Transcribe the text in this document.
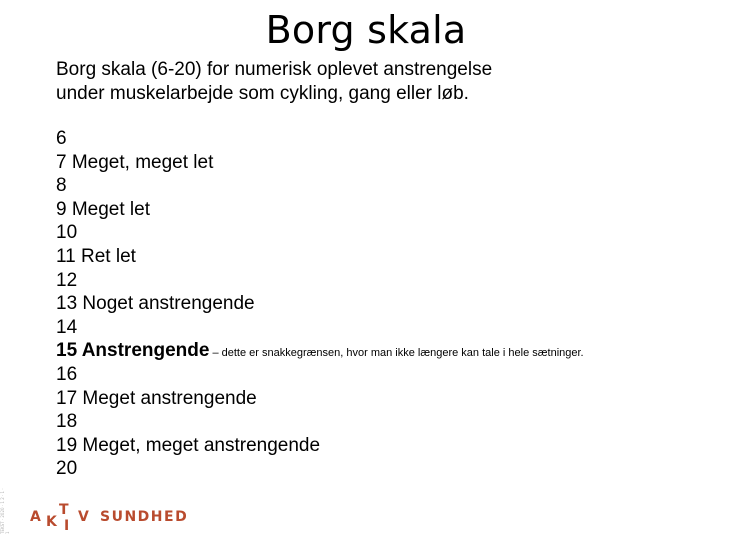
Borg skala

Borg skala (6-20) for numerisk oplevet anstrengelse

under muskelarbejde som cykling, gang eller løb.

6
7 Meget, meget let
8
9 Meget let
10
11 Ret let
12
13 Noget anstrengende
14
15 Anstrengende – dette er snakkegrænsen, hvor man ikke længere kan tale i hele sætninger.
16
17 Meget anstrengende
18
19 Meget, meget anstrengende
20
TEKST · 2020 · 1 2 · 1 · 1
A K
T
I
V SUNDHED
